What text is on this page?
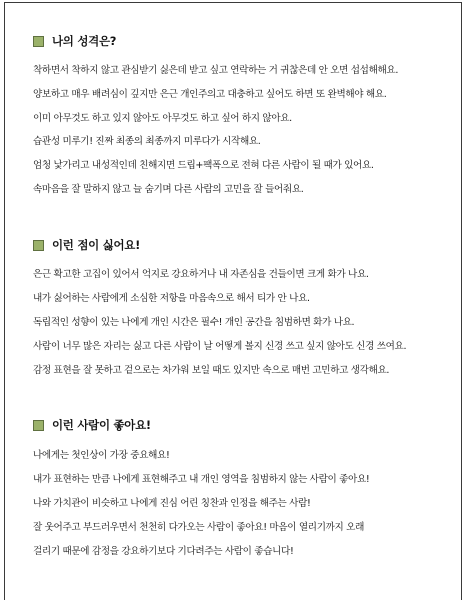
나의 성격은?
착하면서 착하지 않고 관심받기 싫은데 받고 싶고 연락하는 거 귀찮은데 안 오면 섭섭해해요.
양보하고 매우 배려심이 깊지만 은근 개인주의고 대충하고 싶어도 하면 또 완벽해야 해요.
이미 아무것도 하고 있지 않아도 아무것도 하고 싶어 하지 않아요.
습관성 미루기! 진짜 최종의 최종까지 미루다가 시작해요.
엄청 낯가리고 내성적인데 친해지면 드립+팩폭으로 전혀 다른 사람이 될 때가 있어요.
속마음을 잘 말하지 않고 늘 숨기며 다른 사람의 고민을 잘 들어줘요.
이런 점이 싫어요!
은근 확고한 고집이 있어서 억지로 강요하거나 내 자존심을 건들이면 크게 화가 나요.
내가 싫어하는 사람에게 소심한 저항을 마음속으로 해서 티가 안 나요.
독립적인 성향이 있는 나에게 개인 시간은 필수! 개인 공간을 침범하면 화가 나요.
사람이 너무 많은 자리는 싫고 다른 사람이 날 어떻게 볼지 신경 쓰고 싶지 않아도 신경 쓰여요.
감정 표현을 잘 못하고 겉으로는 차가워 보일 때도 있지만 속으로 매번 고민하고 생각해요.
이런 사람이 좋아요!
나에게는 첫인상이 가장 중요해요!
내가 표현하는 만큼 나에게 표현해주고 내 개인 영역을 침범하지 않는 사람이 좋아요!
나와 가치관이 비슷하고 나에게 진심 어린 칭찬과 인정을 해주는 사람!
잘 웃어주고 부드러우면서 천천히 다가오는 사람이 좋아요! 마음이 열리기까지 오래
걸리기 때문에 감정을 강요하기보다 기다려주는 사람이 좋습니다!
